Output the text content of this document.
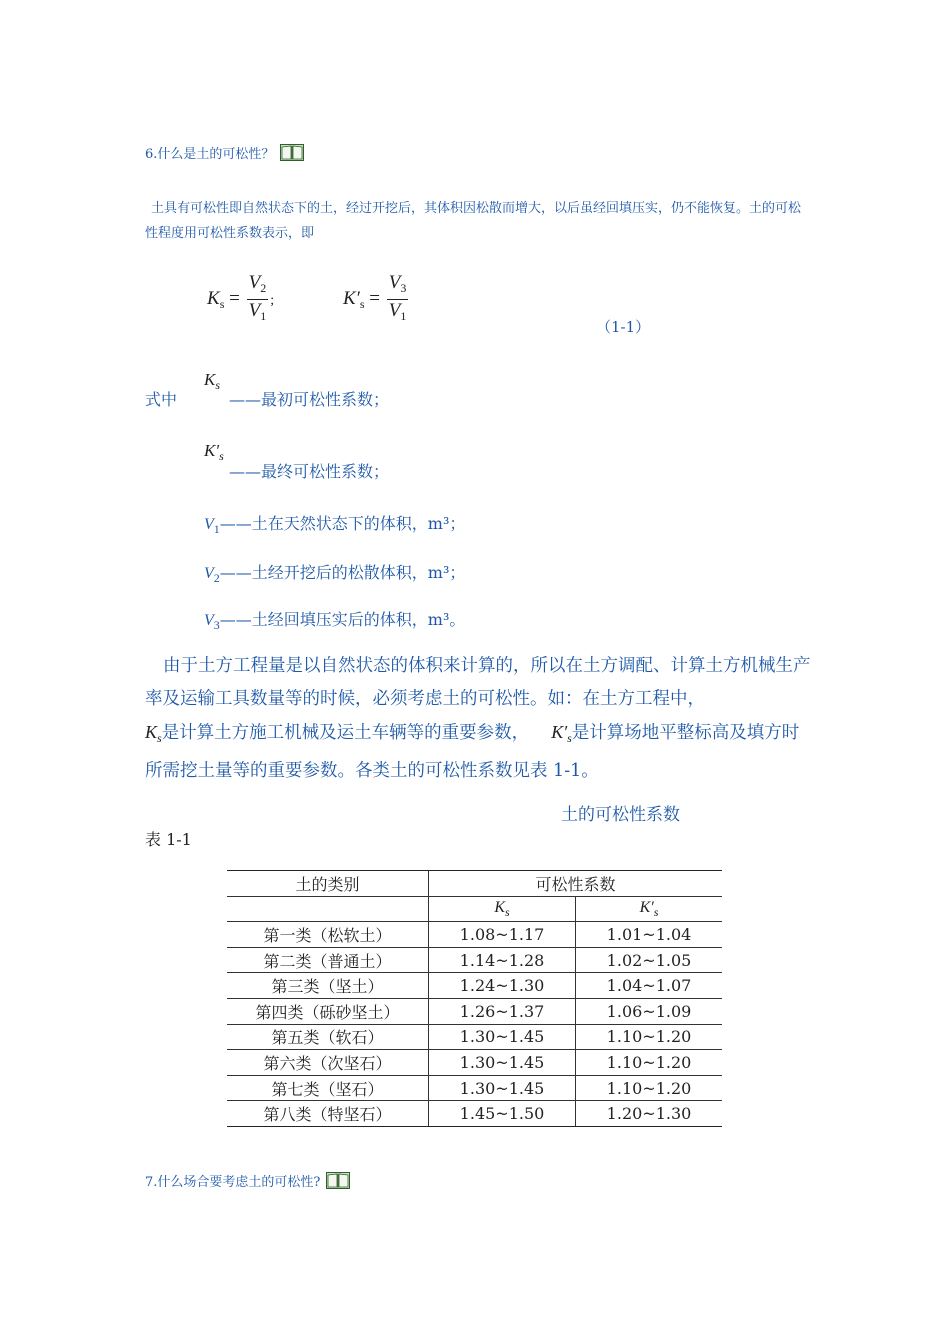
6.什么是土的可松性？
土具有可松性即自然状态下的土，经过开挖后，其体积因松散而增大，以后虽经回填压实，仍不能恢复。土的可松性程度用可松性系数表示，即
$K_s = \frac{V_2}{V_1}$ ;	$K'_s = \frac{V_3}{V_1}$	（1-1）
式中
$K_s$
——最初可松性系数；
$K'_s$
——最终可松性系数；
$V_1——$土在天然状态下的体积，m³；
$V_2——$土经开挖后的松散体积，m³；
$V_3——$土经回填压实后的体积，m³。
由于土方工程量是以自然状态的体积来计算的，所以在土方调配、计算土方机械生产率及运输工具数量等的时候，必须考虑土的可松性。如：在土方工程中，
$K_s$是计算土方施工机械及运土车辆等的重要参数， $K'_s$是计算场地平整标高及填方时所需挖土量等的重要参数。各类土的可松性系数见表 1-1。
土的可松性系数
表 1-1
土的类别	可松性系数	
	$K_s$	$K'_s$
第一类（松软土）	1.08~1.17	1.01~1.04
第二类（普通土）	1.14~1.28	1.02~1.05
第三类（坚土）	1.24~1.30	1.04~1.07
第四类（砾砂坚土）	1.26~1.37	1.06~1.09
第五类（软石）	1.30~1.45	1.10~1.20
第六类（次坚石）	1.30~1.45	1.10~1.20
第七类（坚石）	1.30~1.45	1.10~1.20
第八类（特坚石）	1.45~1.50	1.20~1.30
7.什么场合要考虑土的可松性?
